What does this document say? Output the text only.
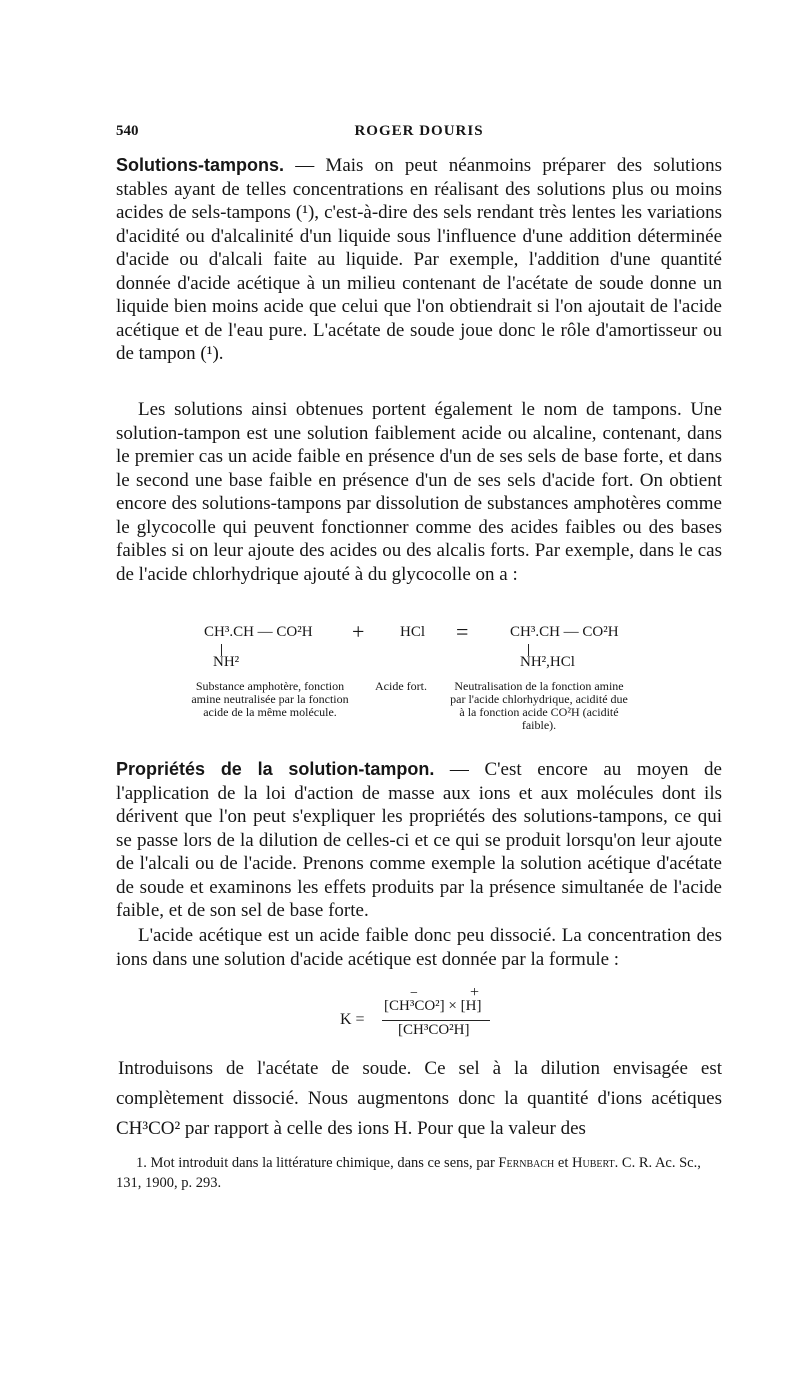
540	ROGER DOURIS

Solutions-tampons. — Mais on peut néanmoins préparer des solutions stables ayant de telles concentrations en réalisant des solutions plus ou moins acides de sels-tampons (¹), c'est-à-dire des sels rendant très lentes les variations d'acidité ou d'alcalinité d'un liquide sous l'influence d'une addition déterminée d'acide ou d'alcali faite au liquide. Par exemple, l'addition d'une quantité donnée d'acide acétique à un milieu contenant de l'acétate de soude donne un liquide bien moins acide que celui que l'on obtiendrait si l'on ajoutait de l'acide acétique et de l'eau pure. L'acétate de soude joue donc le rôle d'amortisseur ou de tampon (¹).

Les solutions ainsi obtenues portent également le nom de tampons. Une solution-tampon est une solution faiblement acide ou alcaline, contenant, dans le premier cas un acide faible en présence d'un de ses sels de base forte, et dans le second une base faible en présence d'un de ses sels d'acide fort. On obtient encore des solutions-tampons par dissolution de substances amphotères comme le glycocolle qui peuvent fonctionner comme des acides faibles ou des bases faibles si on leur ajoute des acides ou des alcalis forts. Par exemple, dans le cas de l'acide chlorhydrique ajouté à du glycocolle on a :

CH³.CH — CO²H
NH²
+ HCl =	CH³.CH — CO²H
NH²,HCl
Substance amphotère, fonction amine neutralisée par la fonction acide de la même molécule.
Acide fort.	Neutralisation de la fonction amine par l'acide chlorhydrique, acidité due à la fonction acide CO²H (acidité faible).

Propriétés de la solution-tampon. — C'est encore au moyen de l'application de la loi d'action de masse aux ions et aux molécules dont ils dérivent que l'on peut s'expliquer les propriétés des solutions-tampons, ce qui se passe lors de la dilution de celles-ci et ce qui se produit lorsqu'on leur ajoute de l'alcali ou de l'acide. Prenons comme exemple la solution acétique d'acétate de soude et examinons les effets produits par la présence simultanée de l'acide faible, et de son sel de base forte.

L'acide acétique est un acide faible donc peu dissocié. La concentration des ions dans une solution d'acide acétique est donnée par la formule :

K =
−	+
[CH³CO²] × [H]
[CH³CO²H]

Introduisons de l'acétate de soude. Ce sel à la dilution envisagée est complètement dissocié. Nous augmentons donc la quantité d'ions acétiques CH³CO² par rapport à celle des ions H. Pour que la valeur des

1. Mot introduit dans la littérature chimique, dans ce sens, par Fernbach et Hubert. C. R. Ac. Sc., 131, 1900, p. 293.
